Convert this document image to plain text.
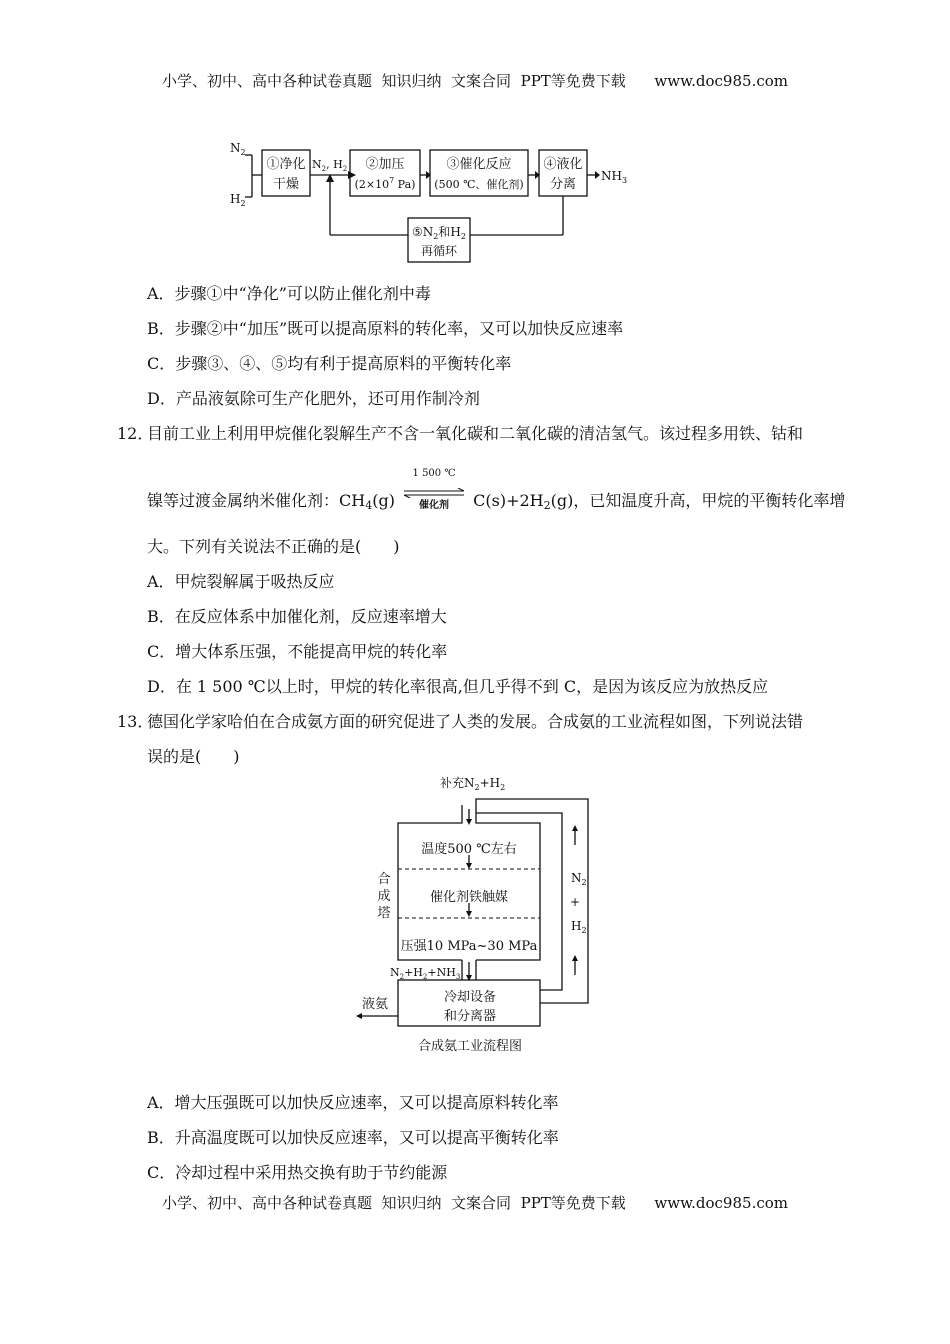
小学、初中、高中各种试卷真题  知识归纳  文案合同  PPT等免费下载      www.doc985.com
$N_2$
$H_2$
$N_2$, $H_2$
①净化
干燥
②加压
($2\times 10^7$ Pa)
③催化反应
(500 ℃、催化剂)
④液化
分离
$NH_3$
$⑤N_2$和$H_2$
再循环
A．步骤①中“净化”可以防止催化剂中毒
B．步骤②中“加压”既可以提高原料的转化率，又可以加快反应速率
C．步骤③、④、⑤均有利于提高原料的平衡转化率
D．产品液氨除可生产化肥外，还可用作制冷剂
12．
目前工业上利用甲烷催化裂解生产不含一氧化碳和二氧化碳的清洁氢气。该过程多用铁、钴和
镍等过渡金属纳米催化剂：$CH_4(g)$
1 500 ℃
催化剂	$C(s)+2H_2(g)$，已知温度升高，甲烷的平衡转化率增
大。下列有关说法不正确的是(　　)
A．甲烷裂解属于吸热反应
B．在反应体系中加催化剂，反应速率增大
C．增大体系压强，不能提高甲烷的转化率
D．在 1 500 ℃以上时，甲烷的转化率很高,但几乎得不到 C，是因为该反应为放热反应
13．
德国化学家哈伯在合成氨方面的研究促进了人类的发展。合成氨的工业流程如图，下列说法错
误的是(　　)
补充$N_2+H_2$
合
成
塔
温度500 ℃左右
催化剂铁触媒
压强10 MPa~30 MPa
$N_2+H_2+NH_3$
冷却设备
和分离器
液氨
$N_2$
+
$H_2$
合成氨工业流程图
A．增大压强既可以加快反应速率，又可以提高原料转化率
B．升高温度既可以加快反应速率，又可以提高平衡转化率
C．冷却过程中采用热交换有助于节约能源
小学、初中、高中各种试卷真题  知识归纳  文案合同  PPT等免费下载      www.doc985.com
